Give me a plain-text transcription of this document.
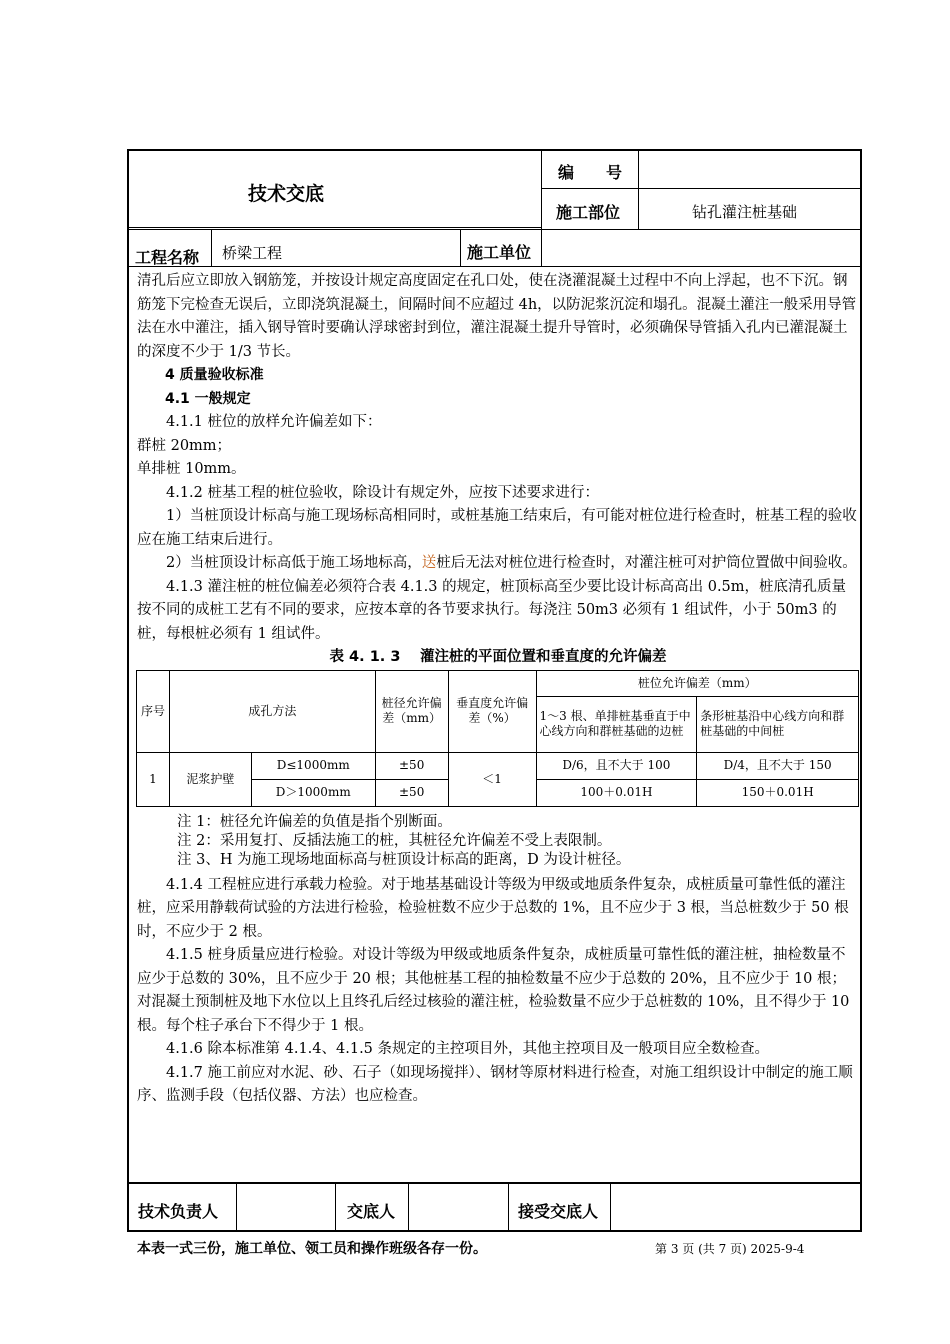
技术交底
编　　号
施工部位	钻孔灌注桩基础
工程名称 桥梁工程	施工单位

清孔后应立即放入钢筋笼，并按设计规定高度固定在孔口处，使在浇灌混凝土过程中不向上浮起，也不下沉。钢筋笼下完检查无误后，立即浇筑混凝土，间隔时间不应超过 4h，以防泥浆沉淀和塌孔。混凝土灌注一般采用导管法在水中灌注，插入钢导管时要确认浮球密封到位，灌注混凝土提升导管时，必须确保导管插入孔内已灌混凝土的深度不少于 1/3 节长。

4 质量验收标准

4.1 一般规定

4.1.1 桩位的放样允许偏差如下：

群桩 20mm；

单排桩 10mm。

4.1.2 桩基工程的桩位验收，除设计有规定外，应按下述要求进行：

1）当桩顶设计标高与施工现场标高相同时，或桩基施工结束后，有可能对桩位进行检查时，桩基工程的验收应在施工结束后进行。

2）当桩顶设计标高低于施工场地标高，送桩后无法对桩位进行检查时，对灌注桩可对护筒位置做中间验收。

4.1.3 灌注桩的桩位偏差必须符合表 4.1.3 的规定，桩顶标高至少要比设计标高高出 0.5m，桩底清孔质量按不同的成桩工艺有不同的要求，应按本章的各节要求执行。每浇注 50m3 必须有 1 组试件，小于 50m3 的桩，每根桩必须有 1 组试件。

表 4. 1. 3　 灌注桩的平面位置和垂直度的允许偏差

序号	成孔方法		桩径允许偏差（mm）	垂直度允许偏差（%）	桩位允许偏差（mm）	
					1～3 根、单排桩基垂直于中心线方向和群桩基础的边桩	条形桩基沿中心线方向和群桩基础的中间桩
1	泥浆护壁	D≤1000mm	±50	＜1	D/6，且不大于 100	D/4，且不大于 150
		D＞1000mm	±50		100＋0.01H	150＋0.01H

注 1：桩径允许偏差的负值是指个别断面。

注 2：采用复打、反插法施工的桩，其桩径允许偏差不受上表限制。

注 3、H 为施工现场地面标高与桩顶设计标高的距离，D 为设计桩径。

4.1.4 工程桩应进行承载力检验。对于地基基础设计等级为甲级或地质条件复杂，成桩质量可靠性低的灌注桩，应采用静载荷试验的方法进行检验，检验桩数不应少于总数的 1%，且不应少于 3 根，当总桩数少于 50 根时，不应少于 2 根。

4.1.5 桩身质量应进行检验。对设计等级为甲级或地质条件复杂，成桩质量可靠性低的灌注桩，抽检数量不应少于总数的 30%，且不应少于 20 根；其他桩基工程的抽检数量不应少于总数的 20%，且不应少于 10 根；对混凝土预制桩及地下水位以上且终孔后经过核验的灌注桩，检验数量不应少于总桩数的 10%，且不得少于 10 根。每个柱子承台下不得少于 1 根。

4.1.6 除本标准第 4.1.4、4.1.5 条规定的主控项目外，其他主控项目及一般项目应全数检查。

4.1.7 施工前应对水泥、砂、石子（如现场搅拌）、钢材等原材料进行检查，对施工组织设计中制定的施工顺序、监测手段（包括仪器、方法）也应检查。

技术负责人	交底人	接受交底人
本表一式三份，施工单位、领工员和操作班级各存一份。	第 3 页 (共 7 页) 2025-9-4
